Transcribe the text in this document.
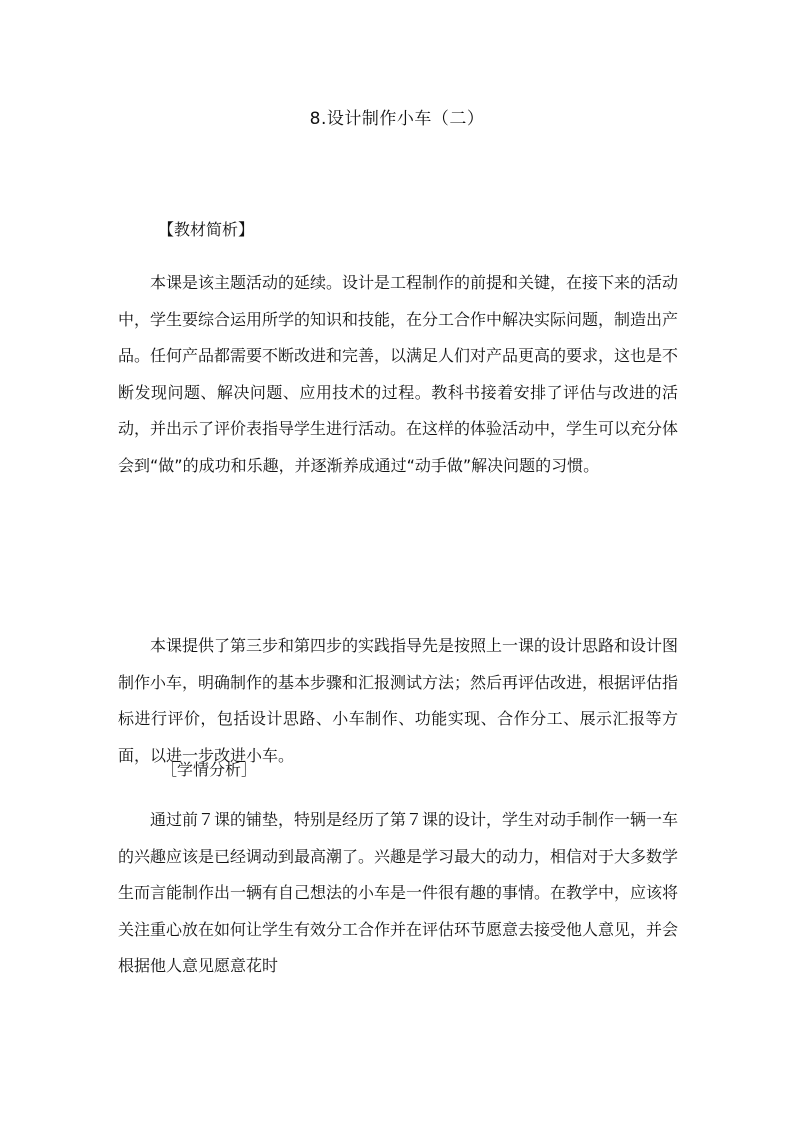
8.设计制作小车（二）
【教材简析】

本课是该主题活动的延续。设计是工程制作的前提和关键，在接下来的活动中，学生要综合运用所学的知识和技能，在分工合作中解决实际问题，制造出产品。任何产品都需要不断改进和完善，以满足人们对产品更高的要求，这也是不断发现问题、解决问题、应用技术的过程。教科书接着安排了评估与改进的活动，并出示了评价表指导学生进行活动。在这样的体验活动中，学生可以充分体会到“做”的成功和乐趣，并逐渐养成通过“动手做”解决问题的习惯。

本课提供了第三步和第四步的实践指导先是按照上一课的设计思路和设计图制作小车，明确制作的基本步骤和汇报测试方法；然后再评估改进，根据评估指标进行评价，包括设计思路、小车制作、功能实现、合作分工、展示汇报等方面，以进一步改进小车。

［学情分析］

通过前７课的铺垫，特别是经历了第７课的设计，学生对动手制作一辆一车的兴趣应该是已经调动到最高潮了。兴趣是学习最大的动力，相信对于大多数学生而言能制作出一辆有自己想法的小车是一件很有趣的事情。在教学中，应该将关注重心放在如何让学生有效分工合作并在评估环节愿意去接受他人意见，并会根据他人意见愿意花时
